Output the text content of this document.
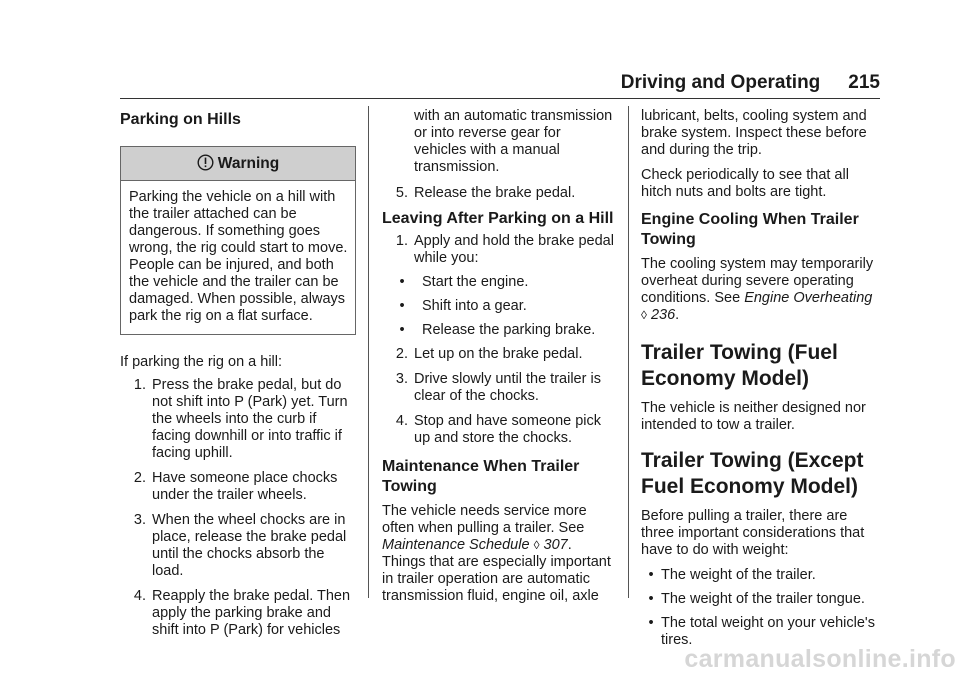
Driving and Operating 215
Parking on Hills
Warning
Parking the vehicle on a hill with the trailer attached can be dangerous. If something goes wrong, the rig could start to move. People can be injured, and both the vehicle and the trailer can be damaged. When possible, always park the rig on a flat surface.

If parking the rig on a hill:

1. Press the brake pedal, but do not shift into P (Park) yet. Turn the wheels into the curb if facing downhill or into traffic if facing uphill.
2. Have someone place chocks under the trailer wheels.
3. When the wheel chocks are in place, release the brake pedal until the chocks absorb the load.
4. Reapply the brake pedal. Then apply the parking brake and shift into P (Park) for vehicles
with an automatic transmission or into reverse gear for vehicles with a manual transmission.
5. Release the brake pedal.
Leaving After Parking on a Hill
1. Apply and hold the brake pedal while you:
•	Start the engine.
•	Shift into a gear.
•	Release the parking brake.
2. Let up on the brake pedal.
3. Drive slowly until the trailer is clear of the chocks.
4. Stop and have someone pick up and store the chocks.
Maintenance When Trailer Towing

The vehicle needs service more often when pulling a trailer. See Maintenance Schedule ◊ 307. Things that are especially important in trailer operation are automatic transmission fluid, engine oil, axle

lubricant, belts, cooling system and brake system. Inspect these before and during the trip.

Check periodically to see that all hitch nuts and bolts are tight.

Engine Cooling When Trailer Towing

The cooling system may temporarily overheat during severe operating conditions. See Engine Overheating
◊ 236.

Trailer Towing (Fuel Economy Model)

The vehicle is neither designed nor intended to tow a trailer.

Trailer Towing (Except Fuel Economy Model)

Before pulling a trailer, there are three important considerations that have to do with weight:

• The weight of the trailer.
• The weight of the trailer tongue.
• The total weight on your vehicle's tires.
carmanualsonline.info
